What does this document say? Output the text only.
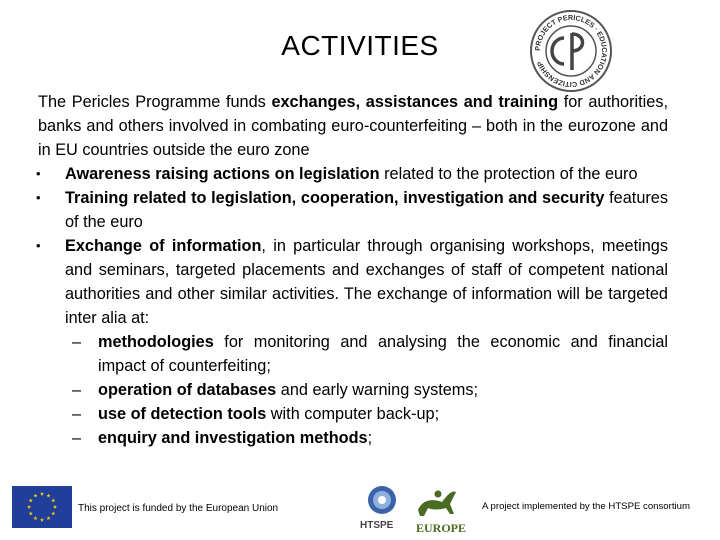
ACTIVITIES	PROJECT PERICLES · EDUCATION AND CITIZENSHIP

The Pericles Programme funds exchanges, assistances and training for authorities, banks and others involved in combating euro-counterfeiting – both in the eurozone and in EU countries outside the euro zone

• Awareness raising actions on legislation related to the protection of the euro
• Training related to legislation, cooperation, investigation and security features of the euro
• Exchange of information, in particular through organising workshops, meetings and seminars, targeted placements and exchanges of staff of competent national authorities and other similar activities. The exchange of information will be targeted inter alia at:
– methodologies for monitoring and analysing the economic and financial impact of counterfeiting;
– operation of databases and early warning systems;
– use of detection tools with computer back-up;
– enquiry and investigation methods;
This project is funded by the European Union
HTSPE EUROPE
A project implemented by the HTSPE consortium
